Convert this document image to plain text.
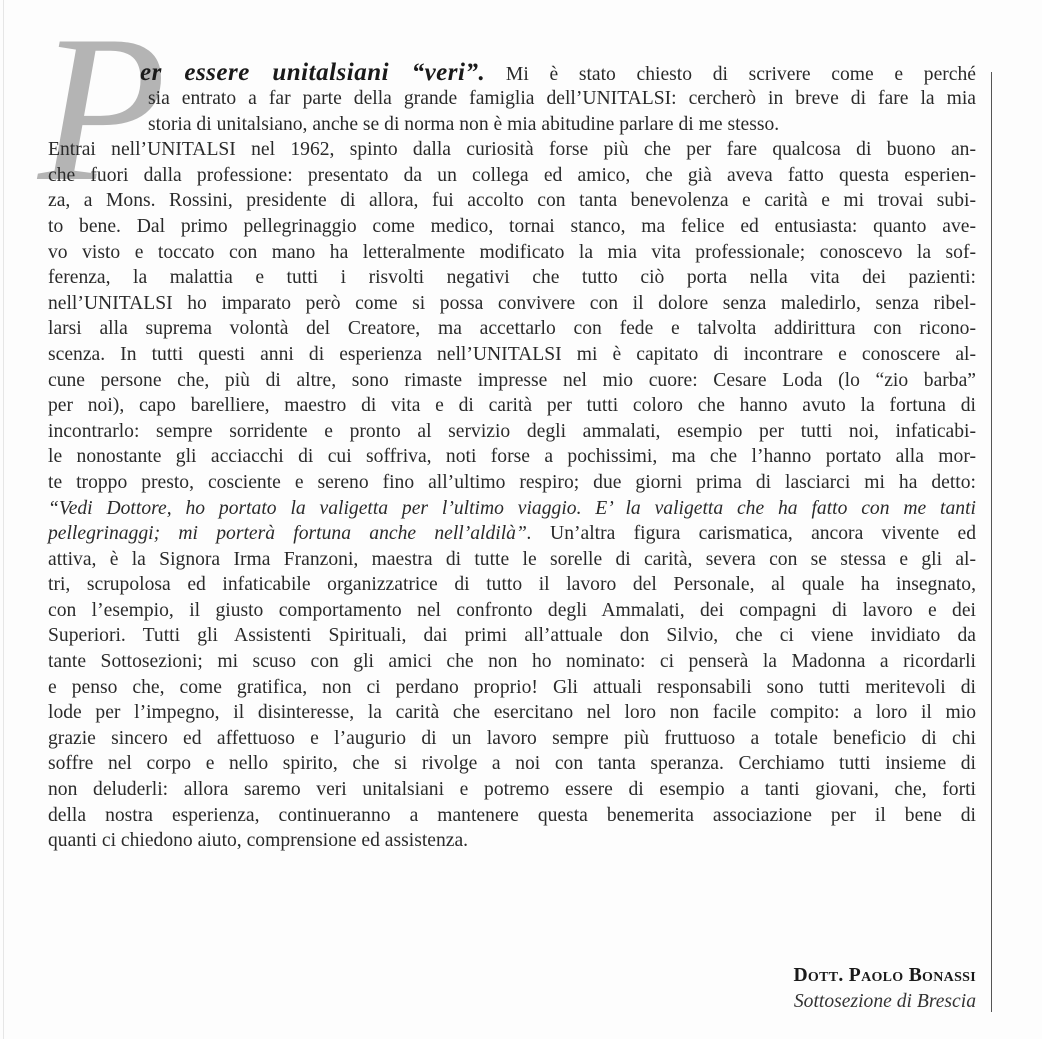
P
er essere unitalsiani “veri”. Mi è stato chiesto di scrivere come e perché
sia entrato a far parte della grande famiglia dell’UNITALSI: cercherò in breve di fare la mia
storia di unitalsiano, anche se di norma non è mia abitudine parlare di me stesso.
Entrai nell’UNITALSI nel 1962, spinto dalla curiosità forse più che per fare qualcosa di buono an-
che fuori dalla professione: presentato da un collega ed amico, che già aveva fatto questa esperien-
za, a Mons. Rossini, presidente di allora, fui accolto con tanta benevolenza e carità e mi trovai subi-
to bene. Dal primo pellegrinaggio come medico, tornai stanco, ma felice ed entusiasta: quanto ave-
vo visto e toccato con mano ha letteralmente modificato la mia vita professionale; conoscevo la sof-
ferenza, la malattia e tutti i risvolti negativi che tutto ciò porta nella vita dei pazienti:
nell’UNITALSI ho imparato però come si possa convivere con il dolore senza maledirlo, senza ribel-
larsi alla suprema volontà del Creatore, ma accettarlo con fede e talvolta addirittura con ricono-
scenza. In tutti questi anni di esperienza nell’UNITALSI mi è capitato di incontrare e conoscere al-
cune persone che, più di altre, sono rimaste impresse nel mio cuore: Cesare Loda (lo “zio barba”
per noi), capo barelliere, maestro di vita e di carità per tutti coloro che hanno avuto la fortuna di
incontrarlo: sempre sorridente e pronto al servizio degli ammalati, esempio per tutti noi, infaticabi-
le nonostante gli acciacchi di cui soffriva, noti forse a pochissimi, ma che l’hanno portato alla mor-
te troppo presto, cosciente e sereno fino all’ultimo respiro; due giorni prima di lasciarci mi ha detto:
“Vedi Dottore, ho portato la valigetta per l’ultimo viaggio. E’ la valigetta che ha fatto con me tanti
pellegrinaggi; mi porterà fortuna anche nell’aldilà”. Un’altra figura carismatica, ancora vivente ed
attiva, è la Signora Irma Franzoni, maestra di tutte le sorelle di carità, severa con se stessa e gli al-
tri, scrupolosa ed infaticabile organizzatrice di tutto il lavoro del Personale, al quale ha insegnato,
con l’esempio, il giusto comportamento nel confronto degli Ammalati, dei compagni di lavoro e dei
Superiori. Tutti gli Assistenti Spirituali, dai primi all’attuale don Silvio, che ci viene invidiato da
tante Sottosezioni; mi scuso con gli amici che non ho nominato: ci penserà la Madonna a ricordarli
e penso che, come gratifica, non ci perdano proprio! Gli attuali responsabili sono tutti meritevoli di
lode per l’impegno, il disinteresse, la carità che esercitano nel loro non facile compito: a loro il mio
grazie sincero ed affettuoso e l’augurio di un lavoro sempre più fruttuoso a totale beneficio di chi
soffre nel corpo e nello spirito, che si rivolge a noi con tanta speranza. Cerchiamo tutti insieme di
non deluderli: allora saremo veri unitalsiani e potremo essere di esempio a tanti giovani, che, forti
della nostra esperienza, continueranno a mantenere questa benemerita associazione per il bene di
quanti ci chiedono aiuto, comprensione ed assistenza.
Dott. Paolo Bonassi
Sottosezione di Brescia
